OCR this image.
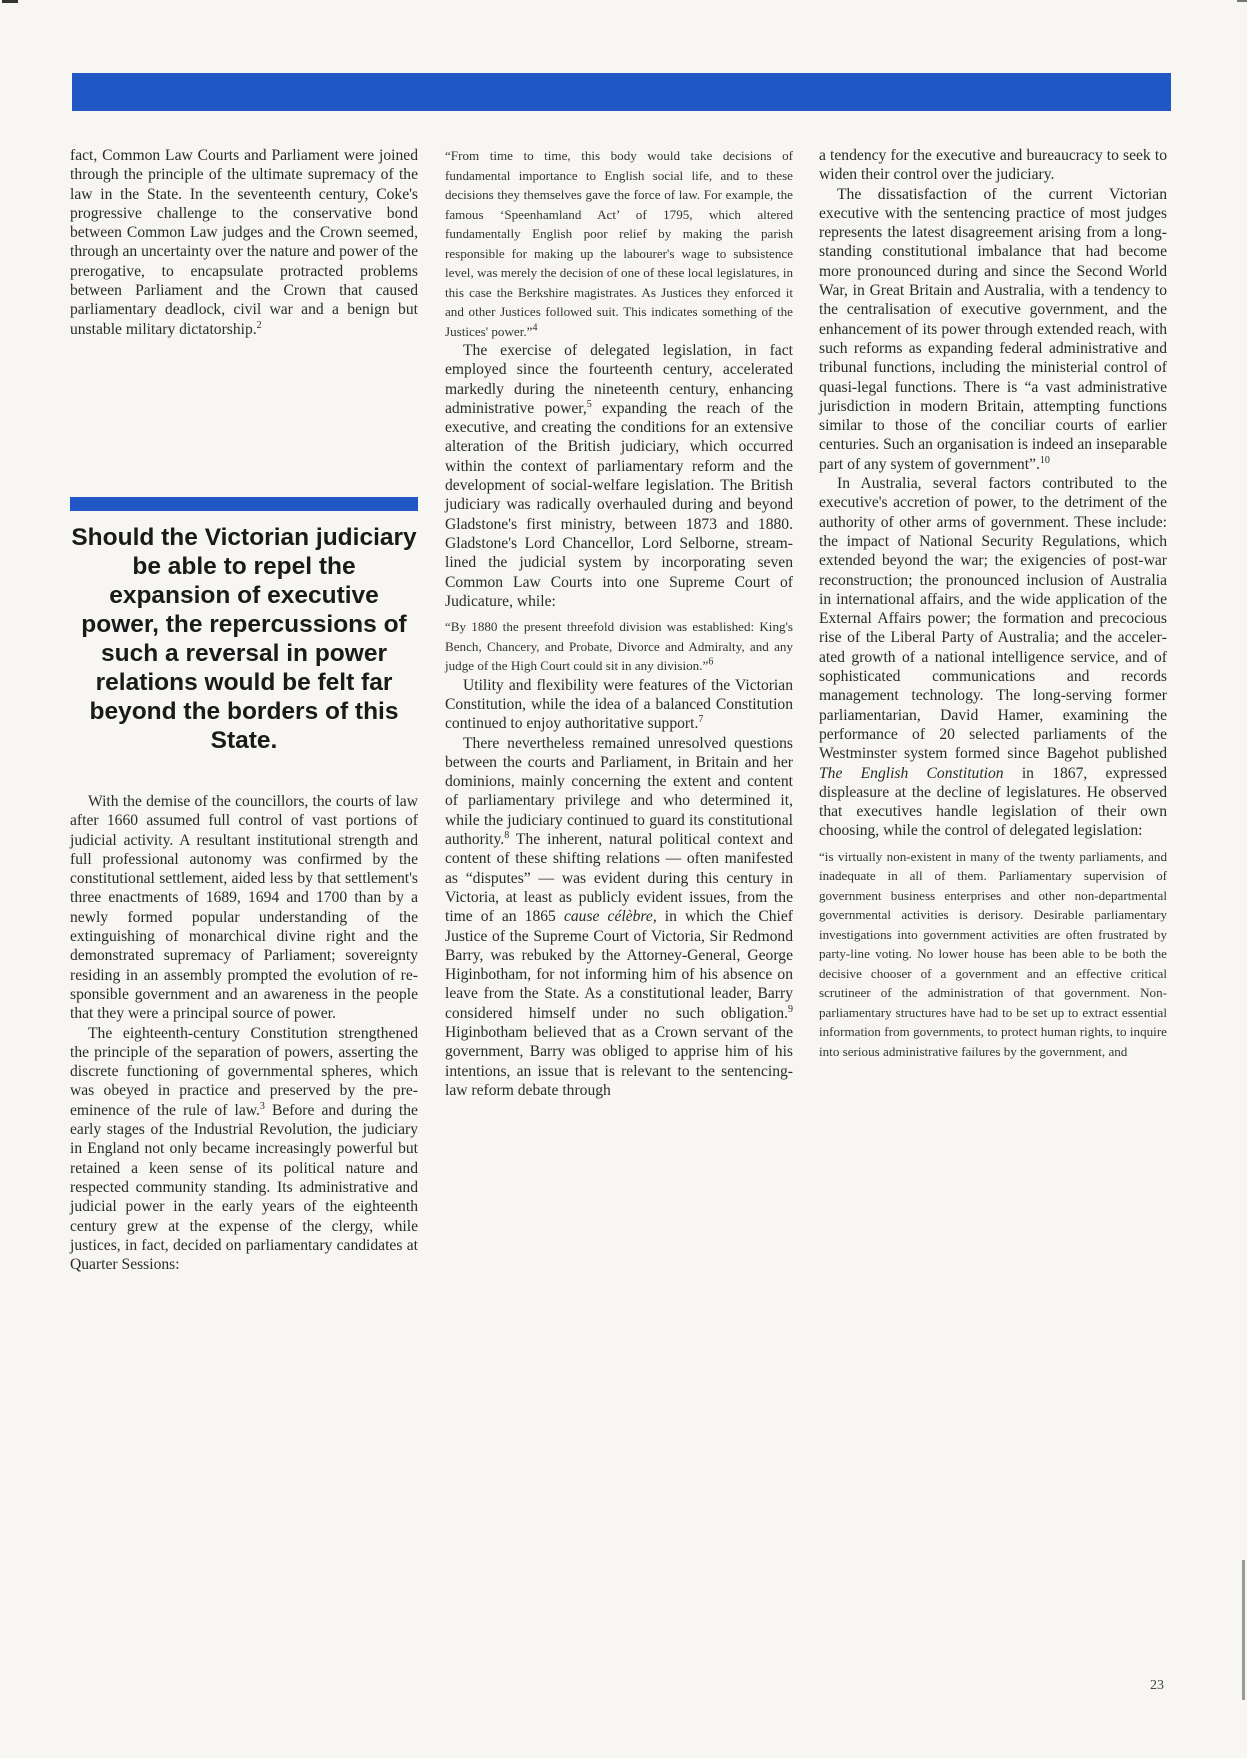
fact, Common Law Courts and Parliament were joined through the principle of the ultimate supremacy of the law in the State. In the seventeenth century, Coke's progressive challenge to the conservative bond between Common Law judges and the Crown seemed, through an uncertainty over the nature and power of the prerogative, to encapsulate protracted problems between Parliament and the Crown that caused parliamentary deadlock, civil war and a benign but unstable military dictatorship.$^2$

Should the Victorian judiciary be able to repel the expansion of executive power, the repercussions of such a reversal in power relations would be felt far beyond the borders of this State.

With the demise of the councillors, the courts of law after 1660 assumed full control of vast portions of judicial activity. A resultant institutional strength and full professional autonomy was confirmed by the constitutional settlement, aided less by that settlement's three enactments of 1689, 1694 and 1700 than by a newly formed popular understanding of the extinguishing of monarchical divine right and the demonstrated supremacy of Parliament; sovereignty residing in an assembly prompted the evolution of responsible government and an awareness in the people that they were a principal source of power.

The eighteenth-century Constitution strengthened the principle of the separation of powers, asserting the discrete functioning of governmental spheres, which was obeyed in practice and preserved by the pre-eminence of the rule of law.$^3$ Before and during the early stages of the Industrial Revolution, the judiciary in England not only became increasingly powerful but retained a keen sense of its political nature and respected community standing. Its administrative and judicial power in the early years of the eighteenth century grew at the expense of the clergy, while justices, in fact, decided on parliamentary candidates at Quarter Sessions:

“From time to time, this body would take decisions of fundamental importance to English social life, and to these decisions they themselves gave the force of law. For example, the famous ‘Speenhamland Act’ of 1795, which altered fundamentally English poor relief by making the parish responsible for making up the labourer's wage to subsistence level, was merely the decision of one of these local legislatures, in this case the Berkshire magistrates. As Justices they enforced it and other Justices followed suit. This indicates something of the Justices' power.”$^4$

The exercise of delegated legislation, in fact employed since the fourteenth century, accelerated markedly during the nineteenth century, enhancing administrative power,$^5$ expanding the reach of the executive, and creating the conditions for an extensive alteration of the British judiciary, which occurred within the context of parliamentary reform and the development of social-welfare legislation. The British judiciary was radically overhauled during and beyond Gladstone's first ministry, between 1873 and 1880. Gladstone's Lord Chancellor, Lord Selborne, streamlined the judicial system by incorporating seven Common Law Courts into one Supreme Court of Judicature, while:

“By 1880 the present threefold division was established: King's Bench, Chancery, and Probate, Divorce and Admiralty, and any judge of the High Court could sit in any division.”$^6$

Utility and flexibility were features of the Victorian Constitution, while the idea of a balanced Constitution continued to enjoy authoritative support.$^7$

There nevertheless remained unresolved questions between the courts and Parliament, in Britain and her dominions, mainly concerning the extent and content of parliamentary privilege and who determined it, while the judiciary continued to guard its constitutional authority.$^8$ The inherent, natural political context and content of these shifting relations — often manifested as “disputes” — was evident during this century in Victoria, at least as publicly evident issues, from the time of an 1865 cause célèbre, in which the Chief Justice of the Supreme Court of Victoria, Sir Redmond Barry, was rebuked by the Attorney-General, George Higinbotham, for not informing him of his absence on leave from the State. As a constitutional leader, Barry considered himself under no such obligation.$^9$ Higinbotham believed that as a Crown servant of the government, Barry was obliged to apprise him of his intentions, an issue that is relevant to the sentencing-law reform debate through

a tendency for the executive and bureaucracy to seek to widen their control over the judiciary.

The dissatisfaction of the current Victorian executive with the sentencing practice of most judges represents the latest disagreement arising from a long-standing constitutional imbalance that had become more pronounced during and since the Second World War, in Great Britain and Australia, with a tendency to the centralisation of executive government, and the enhancement of its power through extended reach, with such reforms as expanding federal administrative and tribunal functions, including the ministerial control of quasi-legal functions. There is “a vast administrative jurisdiction in modern Britain, attempting functions similar to those of the conciliar courts of earlier centuries. Such an organisation is indeed an inseparable part of any system of government”.$^{10}$

In Australia, several factors contributed to the executive's accretion of power, to the detriment of the authority of other arms of government. These include: the impact of National Security Regulations, which extended beyond the war; the exigencies of post-war reconstruction; the pronounced inclusion of Australia in international affairs, and the wide application of the External Affairs power; the formation and precocious rise of the Liberal Party of Australia; and the accelerated growth of a national intelligence service, and of sophisticated communications and records management technology. The long-serving former parliamentarian, David Hamer, examining the performance of 20 selected parliaments of the Westminster system formed since Bagehot published The English Constitution in 1867, expressed displeasure at the decline of legislatures. He observed that executives handle legislation of their own choosing, while the control of delegated legislation:

“is virtually non-existent in many of the twenty parliaments, and inadequate in all of them. Parliamentary supervision of government business enterprises and other non-departmental governmental activities is derisory. Desirable parliamentary investigations into government activities are often frustrated by party-line voting. No lower house has been able to be both the decisive chooser of a government and an effective critical scrutineer of the administration of that government. Non-parliamentary structures have had to be set up to extract essential information from governments, to protect human rights, to inquire into serious administrative failures by the government, and

23
